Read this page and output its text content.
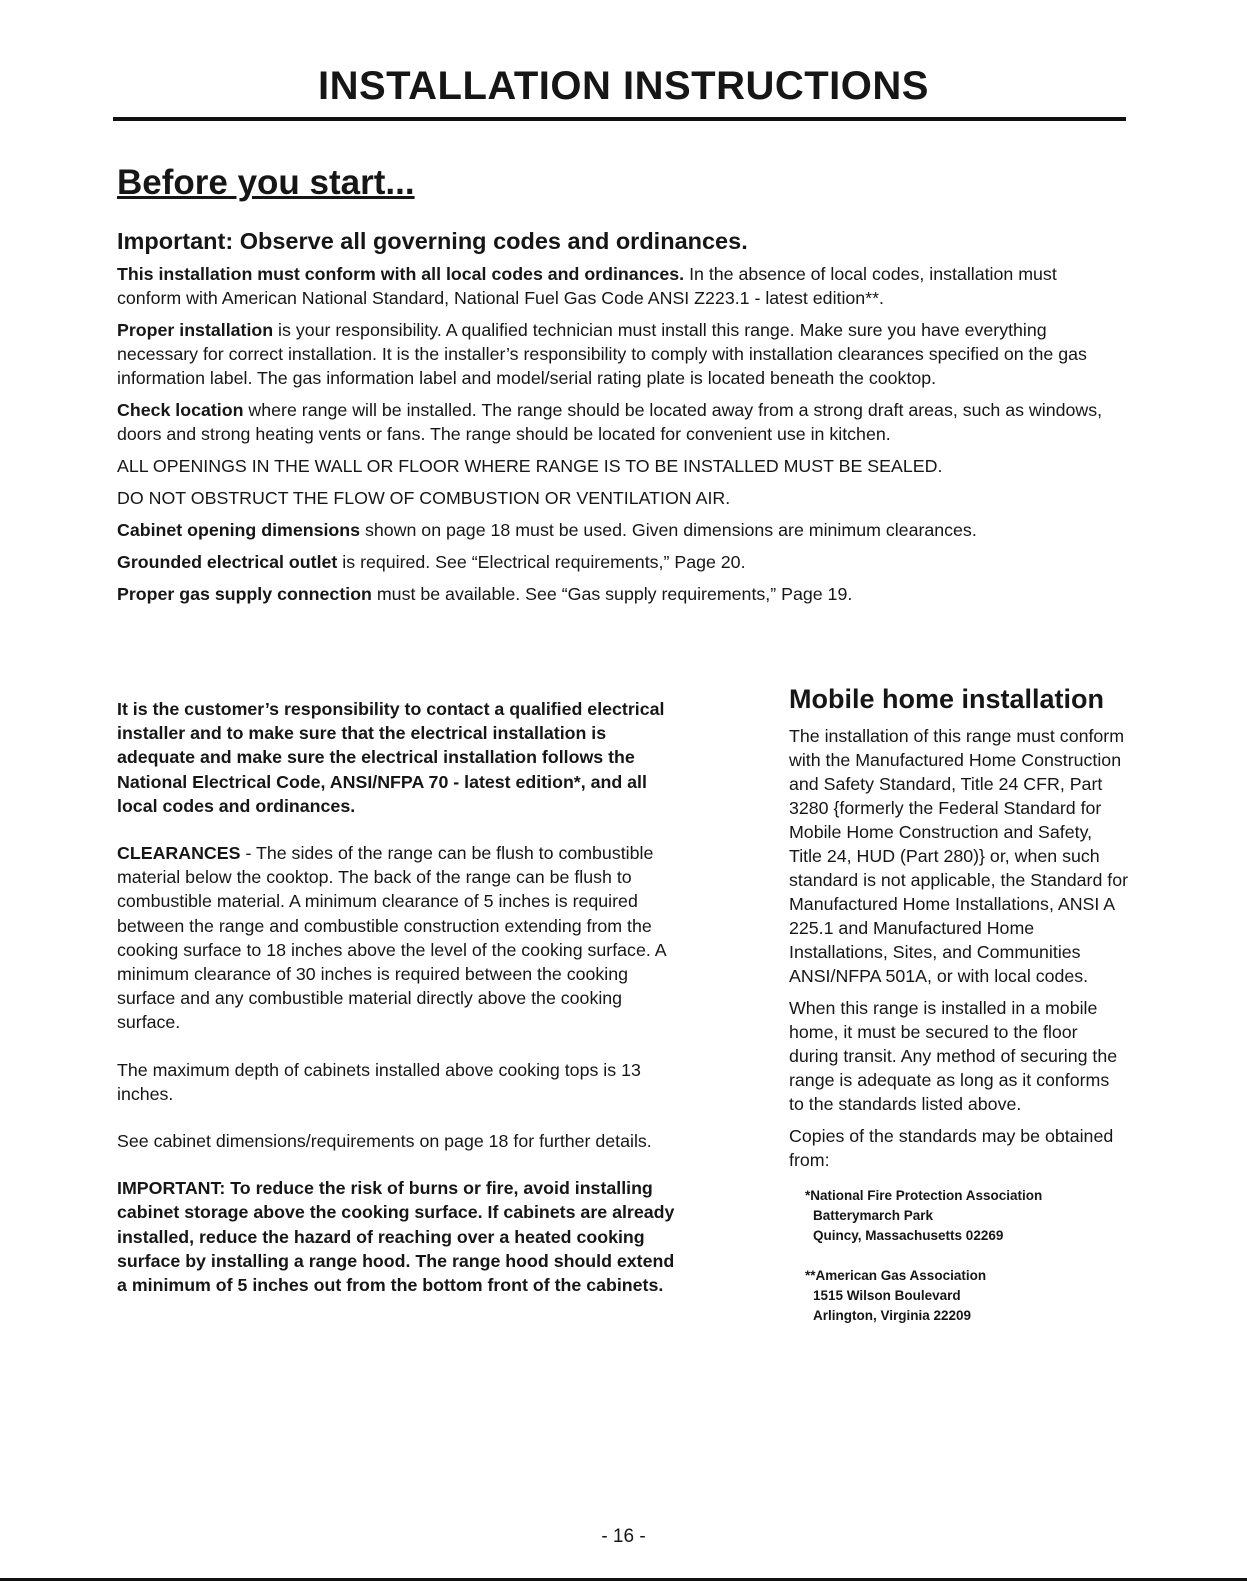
INSTALLATION INSTRUCTIONS
Before you start...
Important: Observe all governing codes and ordinances.

This installation must conform with all local codes and ordinances. In the absence of local codes, installation must conform with American National Standard, National Fuel Gas Code ANSI Z223.1 - latest edition**.

Proper installation is your responsibility. A qualified technician must install this range. Make sure you have everything necessary for correct installation. It is the installer’s responsibility to comply with installation clearances specified on the gas information label. The gas information label and model/serial rating plate is located beneath the cooktop.

Check location where range will be installed. The range should be located away from a strong draft areas, such as windows, doors and strong heating vents or fans. The range should be located for convenient use in kitchen.

ALL OPENINGS IN THE WALL OR FLOOR WHERE RANGE IS TO BE INSTALLED MUST BE SEALED.

DO NOT OBSTRUCT THE FLOW OF COMBUSTION OR VENTILATION AIR.

Cabinet opening dimensions shown on page 18 must be used. Given dimensions are minimum clearances.

Grounded electrical outlet is required. See “Electrical requirements,” Page 20.

Proper gas supply connection must be available. See “Gas supply requirements,” Page 19.

It is the customer’s responsibility to contact a qualified electrical installer and to make sure that the electrical installation is adequate and make sure the electrical installation follows the National Electrical Code, ANSI/NFPA 70 - latest edition*, and all local codes and ordinances.

CLEARANCES - The sides of the range can be flush to combustible material below the cooktop. The back of the range can be flush to combustible material. A minimum clearance of 5 inches is required between the range and combustible construction extending from the cooking surface to 18 inches above the level of the cooking surface. A minimum clearance of 30 inches is required between the cooking surface and any combustible material directly above the cooking surface.

The maximum depth of cabinets installed above cooking tops is 13 inches.

See cabinet dimensions/requirements on page 18 for further details.

IMPORTANT: To reduce the risk of burns or fire, avoid installing cabinet storage above the cooking surface. If cabinets are already installed, reduce the hazard of reaching over a heated cooking surface by installing a range hood. The range hood should extend a minimum of 5 inches out from the bottom front of the cabinets.

Mobile home installation

The installation of this range must conform with the Manufactured Home Construction and Safety Standard, Title 24 CFR, Part 3280 {formerly the Federal Standard for Mobile Home Construction and Safety, Title 24, HUD (Part 280)} or, when such standard is not applicable, the Standard for Manufactured Home Installations, ANSI A 225.1 and Manufactured Home Installations, Sites, and Communities ANSI/NFPA 501A, or with local codes.

When this range is installed in a mobile home, it must be secured to the floor during transit. Any method of securing the range is adequate as long as it conforms to the standards listed above.

Copies of the standards may be obtained from:

*National Fire Protection Association
Batterymarch Park
Quincy, Massachusetts 02269
**American Gas Association
1515 Wilson Boulevard
Arlington, Virginia 22209
- 16 -
